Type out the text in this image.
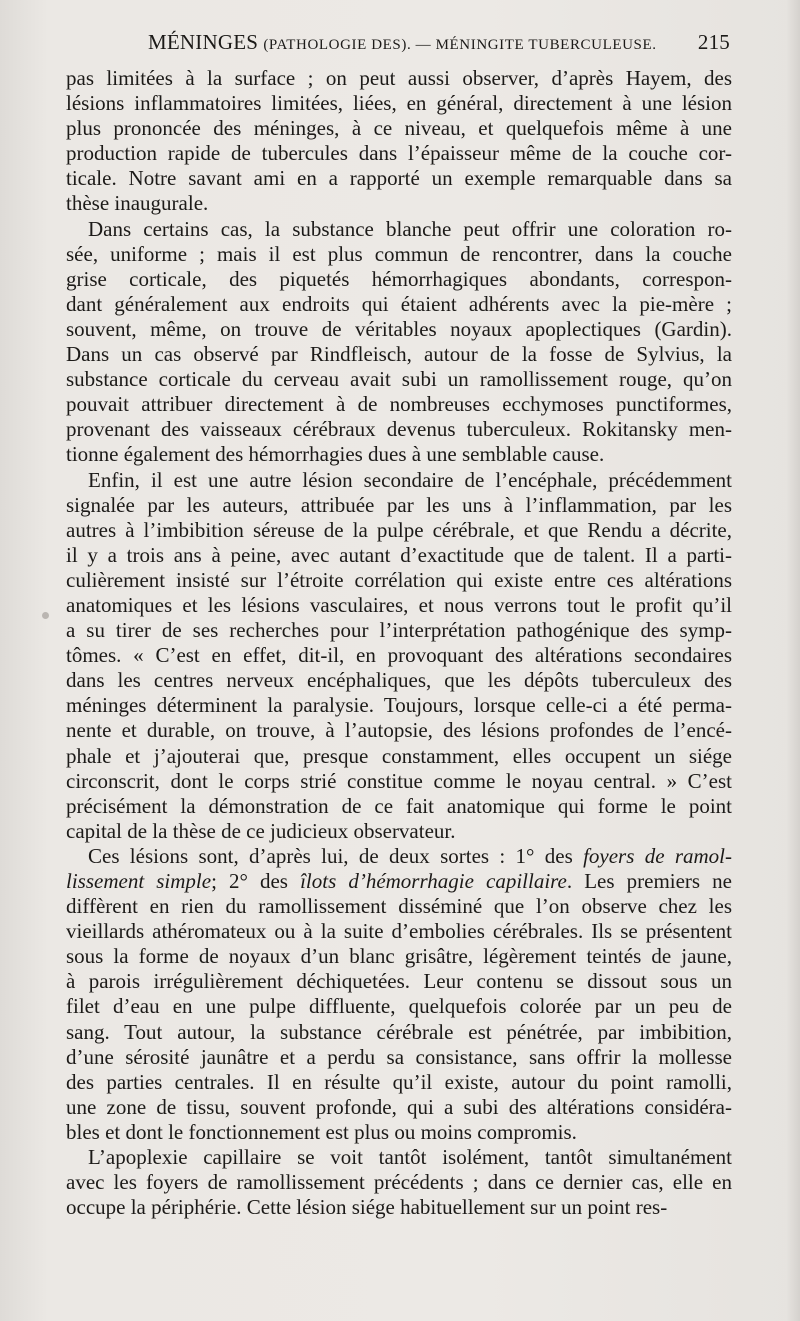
MÉNINGES (PATHOLOGIE DES). — MÉNINGITE TUBERCULEUSE. 215
pas limitées à la surface ; on peut aussi observer, d’après Hayem, des
lésions inflammatoires limitées, liées, en général, directement à une lésion
plus prononcée des méninges, à ce niveau, et quelquefois même à une
production rapide de tubercules dans l’épaisseur même de la couche cor-
ticale. Notre savant ami en a rapporté un exemple remarquable dans sa
thèse inaugurale.
Dans certains cas, la substance blanche peut offrir une coloration ro-
sée, uniforme ; mais il est plus commun de rencontrer, dans la couche
grise corticale, des piquetés hémorrhagiques abondants, correspon-
dant généralement aux endroits qui étaient adhérents avec la pie-mère ;
souvent, même, on trouve de véritables noyaux apoplectiques (Gardin).
Dans un cas observé par Rindfleisch, autour de la fosse de Sylvius, la
substance corticale du cerveau avait subi un ramollissement rouge, qu’on
pouvait attribuer directement à de nombreuses ecchymoses punctiformes,
provenant des vaisseaux cérébraux devenus tuberculeux. Rokitansky men-
tionne également des hémorrhagies dues à une semblable cause.
Enfin, il est une autre lésion secondaire de l’encéphale, précédemment
signalée par les auteurs, attribuée par les uns à l’inflammation, par les
autres à l’imbibition séreuse de la pulpe cérébrale, et que Rendu a décrite,
il y a trois ans à peine, avec autant d’exactitude que de talent. Il a parti-
culièrement insisté sur l’étroite corrélation qui existe entre ces altérations
anatomiques et les lésions vasculaires, et nous verrons tout le profit qu’il
a su tirer de ses recherches pour l’interprétation pathogénique des symp-
tômes. « C’est en effet, dit-il, en provoquant des altérations secondaires
dans les centres nerveux encéphaliques, que les dépôts tuberculeux des
méninges déterminent la paralysie. Toujours, lorsque celle-ci a été perma-
nente et durable, on trouve, à l’autopsie, des lésions profondes de l’encé-
phale et j’ajouterai que, presque constamment, elles occupent un siége
circonscrit, dont le corps strié constitue comme le noyau central. » C’est
précisément la démonstration de ce fait anatomique qui forme le point
capital de la thèse de ce judicieux observateur.
Ces lésions sont, d’après lui, de deux sortes : 1° des foyers de ramol-
lissement simple; 2° des îlots d’hémorrhagie capillaire. Les premiers ne
diffèrent en rien du ramollissement disséminé que l’on observe chez les
vieillards athéromateux ou à la suite d’embolies cérébrales. Ils se présentent
sous la forme de noyaux d’un blanc grisâtre, légèrement teintés de jaune,
à parois irrégulièrement déchiquetées. Leur contenu se dissout sous un
filet d’eau en une pulpe diffluente, quelquefois colorée par un peu de
sang. Tout autour, la substance cérébrale est pénétrée, par imbibition,
d’une sérosité jaunâtre et a perdu sa consistance, sans offrir la mollesse
des parties centrales. Il en résulte qu’il existe, autour du point ramolli,
une zone de tissu, souvent profonde, qui a subi des altérations considéra-
bles et dont le fonctionnement est plus ou moins compromis.
L’apoplexie capillaire se voit tantôt isolément, tantôt simultanément
avec les foyers de ramollissement précédents ; dans ce dernier cas, elle en
occupe la périphérie. Cette lésion siége habituellement sur un point res-
